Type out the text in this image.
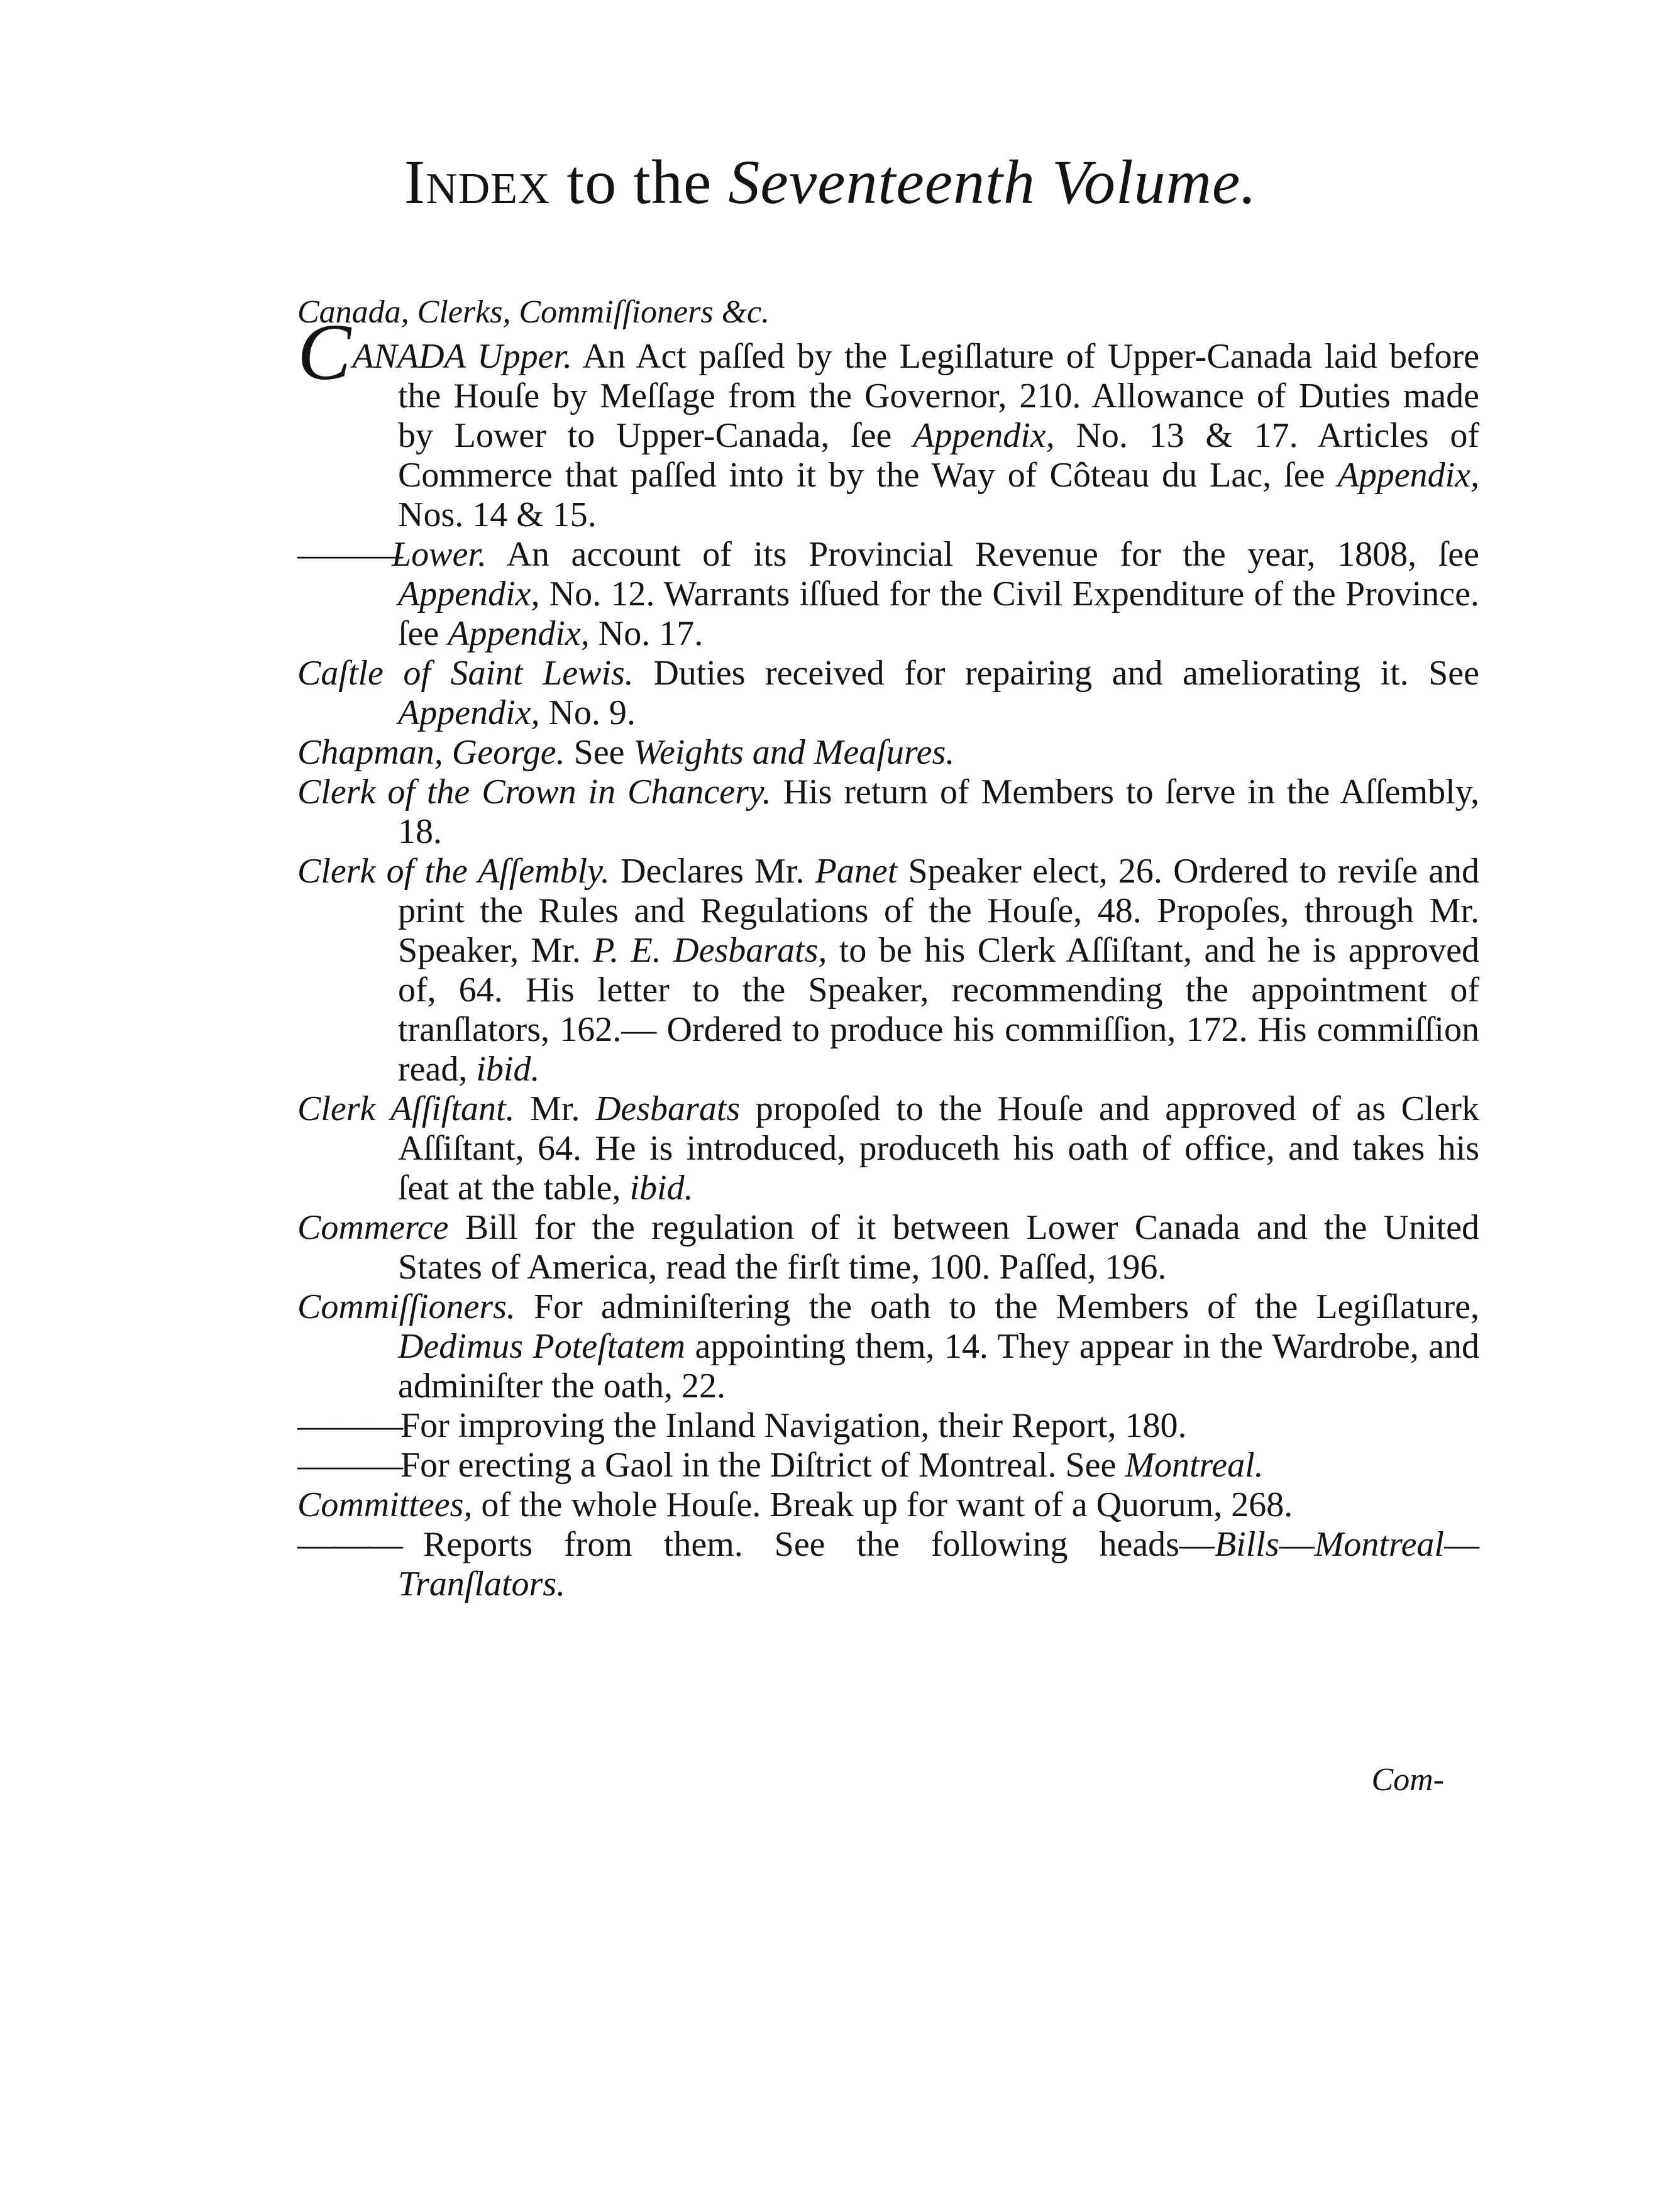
Index to the Seventeenth Volume.
Canada, Clerks, Commiſſioners &c.

CANADA Upper. An Act paſſed by the Legiſlature of Upper-Canada laid before the Houſe by Meſſage from the Governor, 210. Allowance of Duties made by Lower to Upper-Canada, ſee Appendix, No. 13 & 17. Articles of Commerce that paſſed into it by the Way of Côteau du Lac, ſee Appendix, Nos. 14 & 15.

———Lower. An account of its Provincial Revenue for the year, 1808, ſee Appendix, No. 12. Warrants iſſued for the Civil Expenditure of the Province. ſee Appendix, No. 17.

Caſtle of Saint Lewis. Duties received for repairing and ameliorating it. See Appendix, No. 9.

Chapman, George. See Weights and Meaſures.

Clerk of the Crown in Chancery. His return of Members to ſerve in the Aſſembly, 18.

Clerk of the Aſſembly. Declares Mr. Panet Speaker elect, 26. Ordered to reviſe and print the Rules and Regulations of the Houſe, 48. Propoſes, through Mr. Speaker, Mr. P. E. Desbarats, to be his Clerk Aſſiſtant, and he is approved of, 64. His letter to the Speaker, recommending the appointment of tranſlators, 162.— Ordered to produce his commiſſion, 172. His commiſſion read, ibid.

Clerk Aſſiſtant. Mr. Desbarats propoſed to the Houſe and approved of as Clerk Aſſiſtant, 64. He is introduced, produceth his oath of office, and takes his ſeat at the table, ibid.

Commerce Bill for the regulation of it between Lower Canada and the United States of America, read the firſt time, 100. Paſſed, 196.

Commiſſioners. For adminiſtering the oath to the Members of the Legiſlature, Dedimus Poteſtatem appointing them, 14. They appear in the Wardrobe, and adminiſter the oath, 22.

——— For improving the Inland Navigation, their Report, 180.

——— For erecting a Gaol in the Diſtrict of Montreal. See Montreal.

Committees, of the whole Houſe. Break up for want of a Quorum, 268.

——— Reports from them. See the following heads—Bills—Montreal— Tranſlators.

Com-
